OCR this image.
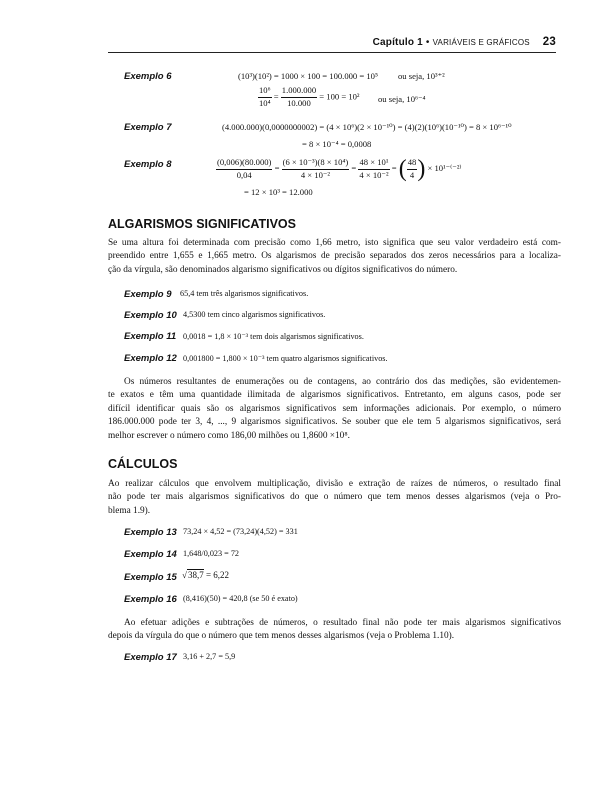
Capítulo 1 • VARIÁVEIS E GRÁFICOS 23
Exemplo 6	(10³)(10²) = 1000 × 100 = 100.000 = 10⁵ ou seja, 10³⁺²
$\frac{\text{10⁶}}{\text{10⁴}} = \frac{1.000.000}{10.000} = 100 = 10^2$ ou seja, 10⁶⁻⁴
Exemplo 7	(4.000.000)(0,0000000002) = (4 × 10⁶)(2 × 10⁻¹⁰) = (4)(2)(10⁶)(10⁻¹⁰) = 8 × 10⁶⁻¹⁰
= 8 × 10⁻⁴ = 0,0008
Exemplo 8	$\frac{(0,006)(80.000)}{0,04} = \frac{\text{(6 × 10⁻³)(8 × 10⁴)}}{\text{4 × 10⁻²}} = \frac{\text{48 × 10¹}}{\text{4 × 10⁻²}}$ = ( $\frac{48}{4}$ ) × 10¹⁻⁽⁻²⁾
= 12 × 10³ = 12.000
ALGARISMOS SIGNIFICATIVOS
Se uma altura foi determinada com precisão como 1,66 metro, isto significa que seu valor verdadeiro está com-
preendido entre 1,655 e 1,665 metro. Os algarismos de precisão separados dos zeros necessários para a localiza-
ção da vírgula, são denominados algarismo significativos ou dígitos significativos do número.
Exemplo 9 65,4 tem três algarismos significativos.
Exemplo 10 4,5300 tem cinco algarismos significativos.
Exemplo 11 0,0018 = 1,8 × 10⁻³ tem dois algarismos significativos.
Exemplo 12 0,001800 = 1,800 × 10⁻³ tem quatro algarismos significativos.
Os números resultantes de enumerações ou de contagens, ao contrário dos das medições, são evidentemen-
te exatos e têm uma quantidade ilimitada de algarismos significativos. Entretanto, em alguns casos, pode ser
difícil identificar quais são os algarismos significativos sem informações adicionais. Por exemplo, o número
186.000.000 pode ter 3, 4, ..., 9 algarismos significativos. Se souber que ele tem 5 algarismos significativos, será
melhor escrever o número como 186,00 milhões ou 1,8600 ×10⁸.
CÁLCULOS
Ao realizar cálculos que envolvem multiplicação, divisão e extração de raízes de números, o resultado final
não pode ter mais algarismos significativos do que o número que tem menos desses algarismos (veja o Pro-
blema 1.9).
Exemplo 13 73,24 × 4,52 = (73,24)(4,52) = 331
Exemplo 14 1,648/0,023 = 72
Exemplo 15 √38,7 = 6,22
Exemplo 16 (8,416)(50) = 420,8 (se 50 é exato)
Ao efetuar adições e subtrações de números, o resultado final não pode ter mais algarismos significativos
depois da vírgula do que o número que tem menos desses algarismos (veja o Problema 1.10).
Exemplo 17 3,16 + 2,7 = 5,9
